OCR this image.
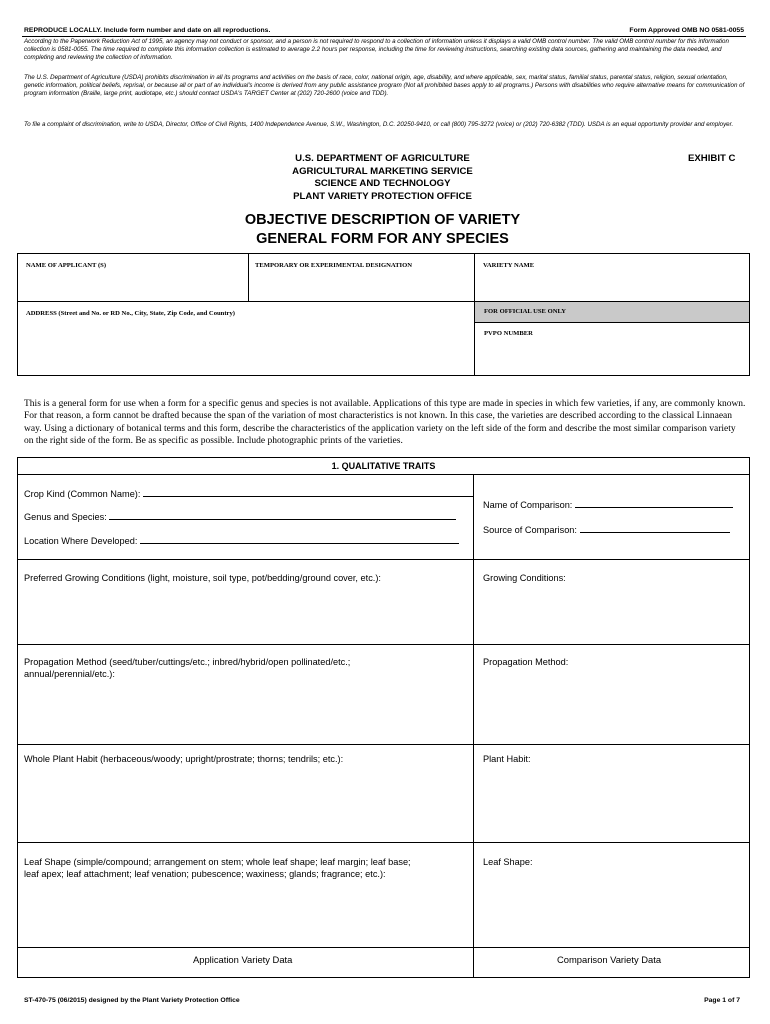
REPRODUCE LOCALLY. Include form number and date on all reproductions.	Form Approved OMB NO 0581-0055
According to the Paperwork Reduction Act of 1995, an agency may not conduct or sponsor, and a person is not required to respond to a collection of information unless it displays a valid OMB control number. The valid OMB control number for this information collection is 0581-0055. The time required to complete this information collection is estimated to average 2.2 hours per response, including the time for reviewing instructions, searching existing data sources, gathering and maintaining the data needed, and completing and reviewing the collection of information.
The U.S. Department of Agriculture (USDA) prohibits discrimination in all its programs and activities on the basis of race, color, national origin, age, disability, and where applicable, sex, marital status, familial status, parental status, religion, sexual orientation, genetic information, political beliefs, reprisal, or because all or part of an individual's income is derived from any public assistance program (Not all prohibited bases apply to all programs.) Persons with disabilities who require alternative means for communication of program information (Braille, large print, audiotape, etc.) should contact USDA's TARGET Center at (202) 720-2600 (voice and TDD).
To file a complaint of discrimination, write to USDA, Director, Office of Civil Rights, 1400 Independence Avenue, S.W., Washington, D.C. 20250-9410, or call (800) 795-3272 (voice) or (202) 720-6382 (TDD). USDA is an equal opportunity provider and employer.
U.S. DEPARTMENT OF AGRICULTURE
AGRICULTURAL MARKETING SERVICE
SCIENCE AND TECHNOLOGY
PLANT VARIETY PROTECTION OFFICE
EXHIBIT C
OBJECTIVE DESCRIPTION OF VARIETY
GENERAL FORM FOR ANY SPECIES
NAME OF APPLICANT (S)	TEMPORARY OR EXPERIMENTAL DESIGNATION	VARIETY NAME
ADDRESS (Street and No. or RD No., City, State, Zip Code, and Country)	FOR OFFICIAL USE ONLY
PVPO NUMBER
This is a general form for use when a form for a specific genus and species is not available. Applications of this type are made in species in which few varieties, if any, are commonly known. For that reason, a form cannot be drafted because the span of the variation of most characteristics is not known. In this case, the varieties are described according to the classical Linnaean way. Using a dictionary of botanical terms and this form, describe the characteristics of the application variety on the left side of the form and describe the most similar comparison variety on the right side of the form. Be as specific as possible. Include photographic prints of the varieties.
1. QUALITATIVE TRAITS
Crop Kind (Common Name):
Genus and Species:
Location Where Developed:
Name of Comparison:
Source of Comparison:
Preferred Growing Conditions (light, moisture, soil type, pot/bedding/ground cover, etc.):	Growing Conditions:
Propagation Method (seed/tuber/cuttings/etc.; inbred/hybrid/open pollinated/etc.;
annual/perennial/etc.):
Propagation Method:
Whole Plant Habit (herbaceous/woody; upright/prostrate; thorns; tendrils; etc.):	Plant Habit:
Leaf Shape (simple/compound; arrangement on stem; whole leaf shape; leaf margin; leaf base;
leaf apex; leaf attachment; leaf venation; pubescence; waxiness; glands; fragrance; etc.):
Leaf Shape:
Application Variety Data	Comparison Variety Data
ST-470-75 (06/2015) designed by the Plant Variety Protection Office	Page 1 of 7
